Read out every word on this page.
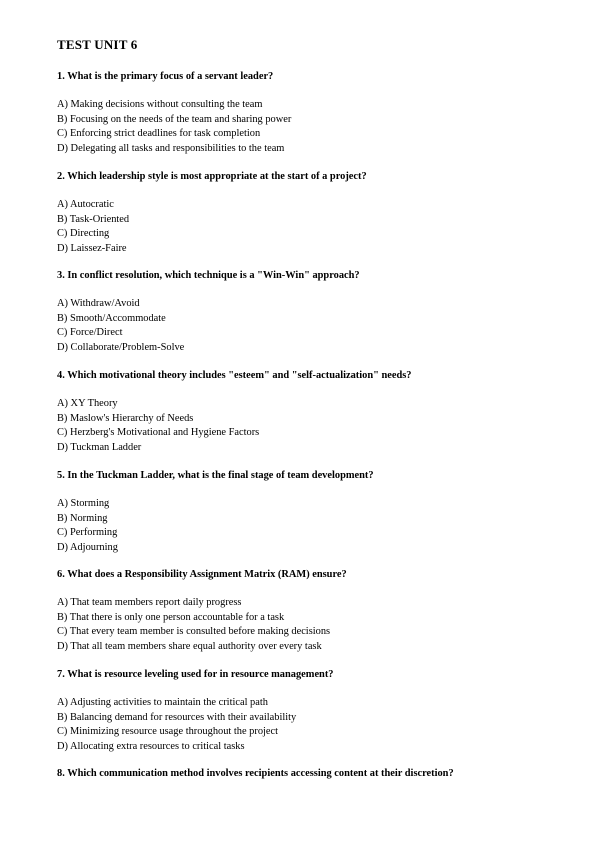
TEST UNIT 6

1. What is the primary focus of a servant leader?

A) Making decisions without consulting the team
B) Focusing on the needs of the team and sharing power
C) Enforcing strict deadlines for task completion
D) Delegating all tasks and responsibilities to the team

2. Which leadership style is most appropriate at the start of a project?

A) Autocratic
B) Task-Oriented
C) Directing
D) Laissez-Faire

3. In conflict resolution, which technique is a "Win-Win" approach?

A) Withdraw/Avoid
B) Smooth/Accommodate
C) Force/Direct
D) Collaborate/Problem-Solve

4. Which motivational theory includes "esteem" and "self-actualization" needs?

A) XY Theory
B) Maslow's Hierarchy of Needs
C) Herzberg's Motivational and Hygiene Factors
D) Tuckman Ladder

5. In the Tuckman Ladder, what is the final stage of team development?

A) Storming
B) Norming
C) Performing
D) Adjourning

6. What does a Responsibility Assignment Matrix (RAM) ensure?

A) That team members report daily progress
B) That there is only one person accountable for a task
C) That every team member is consulted before making decisions
D) That all team members share equal authority over every task

7. What is resource leveling used for in resource management?

A) Adjusting activities to maintain the critical path
B) Balancing demand for resources with their availability
C) Minimizing resource usage throughout the project
D) Allocating extra resources to critical tasks

8. Which communication method involves recipients accessing content at their discretion?
